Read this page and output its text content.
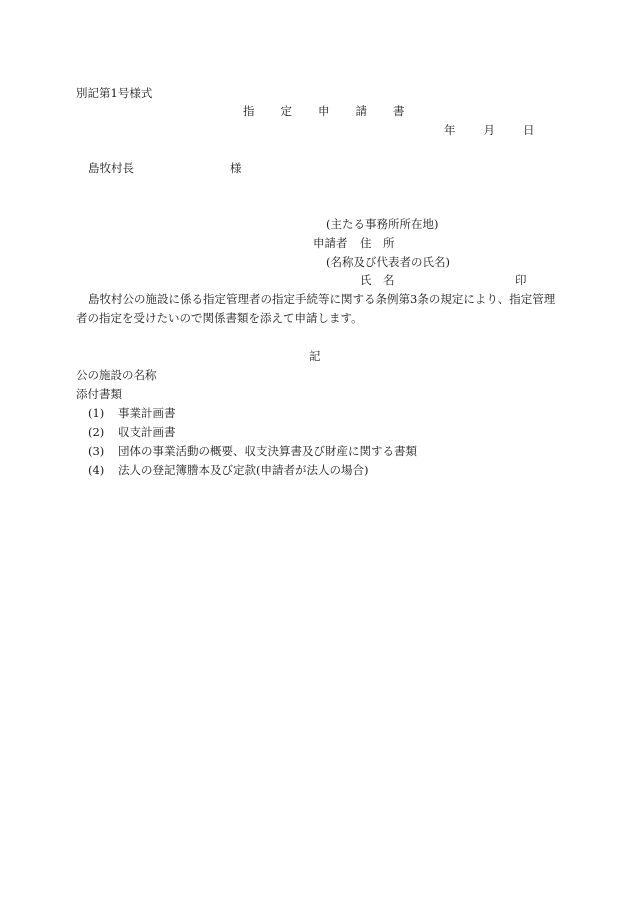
別記第1号様式
指 定 申 請 書
年 月 日
島牧村長	様
(主たる事務所所在地)
申請者 住　所
(名称及び代表者の氏名)
氏　名	印
島牧村公の施設に係る指定管理者の指定手続等に関する条例第3条の規定により、指定管理者の指定を受けたいので関係書類を添えて申請します。
記
公の施設の名称
添付書類
(1) 事業計画書
(2) 収支計画書
(3) 団体の事業活動の概要、収支決算書及び財産に関する書類
(4) 法人の登記簿謄本及び定款(申請者が法人の場合)
